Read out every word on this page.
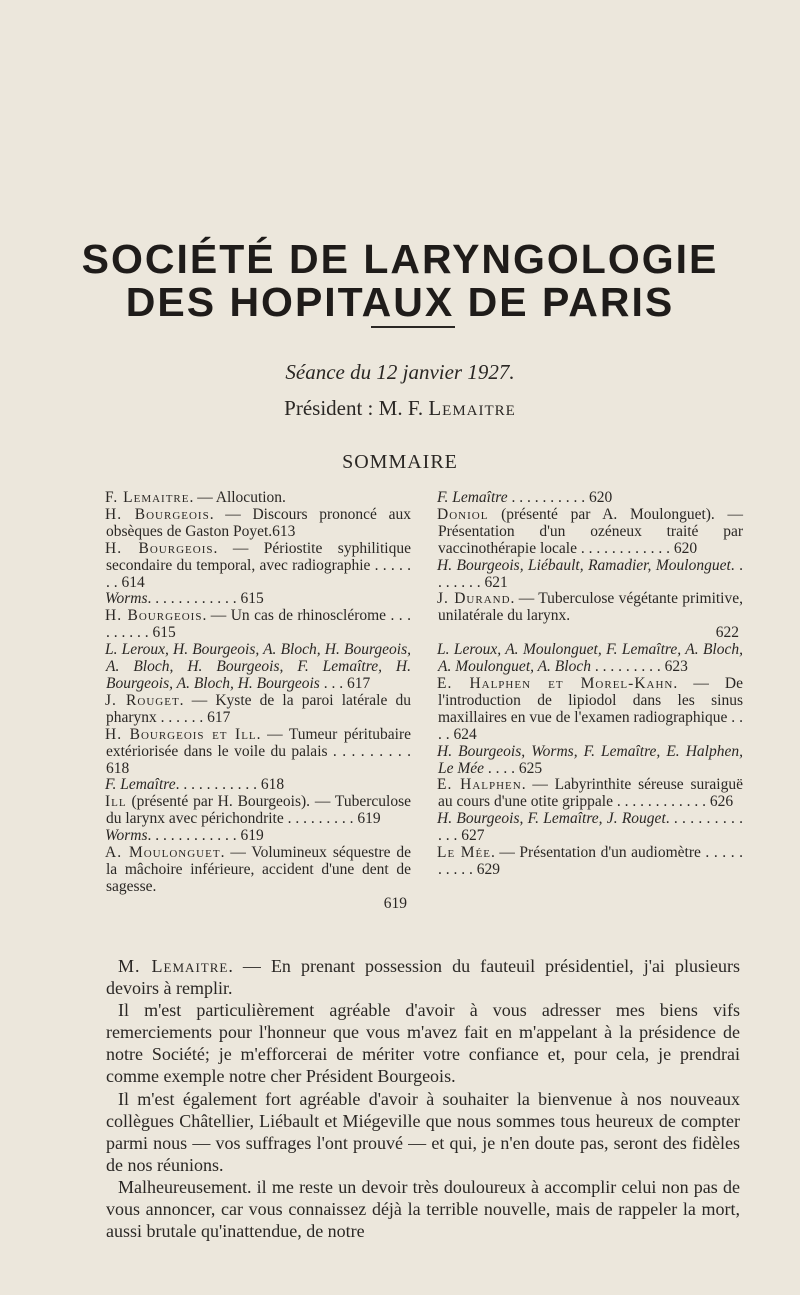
SOCIÉTÉ DE LARYNGOLOGIE
DES HOPITAUX DE PARIS
Séance du 12 janvier 1927.
Président : M. F. Lemaitre
SOMMAIRE
F. Lemaitre. — Allocution.
H. Bourgeois. — Discours prononcé aux obsèques de Gaston Poyet.613
H. Bourgeois. — Périostite syphilitique secondaire du temporal, avec radiographie . . . . . . . 614
Worms. . . . . . . . . . . . 615
H. Bourgeois. — Un cas de rhinosclérome . . . . . . . . . 615
L. Leroux, H. Bourgeois, A. Bloch, H. Bourgeois, A. Bloch, H. Bourgeois, F. Lemaître, H. Bourgeois, A. Bloch, H. Bourgeois . . . 617
J. Rouget. — Kyste de la paroi latérale du pharynx . . . . . . 617
H. Bourgeois et Ill. — Tumeur péritubaire extériorisée dans le voile du palais . . . . . . . . . 618
F. Lemaître. . . . . . . . . . . 618
Ill (présenté par H. Bourgeois). — Tuberculose du larynx avec périchondrite . . . . . . . . . 619
Worms. . . . . . . . . . . . 619
A. Moulonguet. — Volumineux séquestre de la mâchoire inférieure, accident d'une dent de sagesse.
619
F. Lemaître . . . . . . . . . . 620
Doniol (présenté par A. Moulonguet). — Présentation d'un ozéneux traité par vaccinothérapie locale . . . . . . . . . . . . 620
H. Bourgeois, Liébault, Ramadier, Moulonguet. . . . . . . . 621
J. Durand. — Tuberculose végétante primitive, unilatérale du larynx.
622
L. Leroux, A. Moulonguet, F. Lemaître, A. Bloch, A. Moulonguet, A. Bloch . . . . . . . . . 623
E. Halphen et Morel-Kahn. — De l'introduction de lipiodol dans les sinus maxillaires en vue de l'examen radiographique . . . . 624
H. Bourgeois, Worms, F. Lemaître, E. Halphen, Le Mée . . . . 625
E. Halphen. — Labyrinthite séreuse suraiguë au cours d'une otite grippale . . . . . . . . . . . . 626
H. Bourgeois, F. Lemaître, J. Rouget. . . . . . . . . . . . . 627
Le Mée. — Présentation d'un audiomètre . . . . . . . . . . 629

M. Lemaitre. — En prenant possession du fauteuil présidentiel, j'ai plusieurs devoirs à remplir.

Il m'est particulièrement agréable d'avoir à vous adresser mes biens vifs remerciements pour l'honneur que vous m'avez fait en m'appelant à la présidence de notre Société; je m'efforcerai de mériter votre confiance et, pour cela, je prendrai comme exemple notre cher Président Bourgeois.

Il m'est également fort agréable d'avoir à souhaiter la bienvenue à nos nouveaux collègues Châtellier, Liébault et Miégeville que nous sommes tous heureux de compter parmi nous — vos suffrages l'ont prouvé — et qui, je n'en doute pas, seront des fidèles de nos réunions.

Malheureusement. il me reste un devoir très douloureux à accomplir celui non pas de vous annoncer, car vous connaissez déjà la terrible nouvelle, mais de rappeler la mort, aussi brutale qu'inattendue, de notre
